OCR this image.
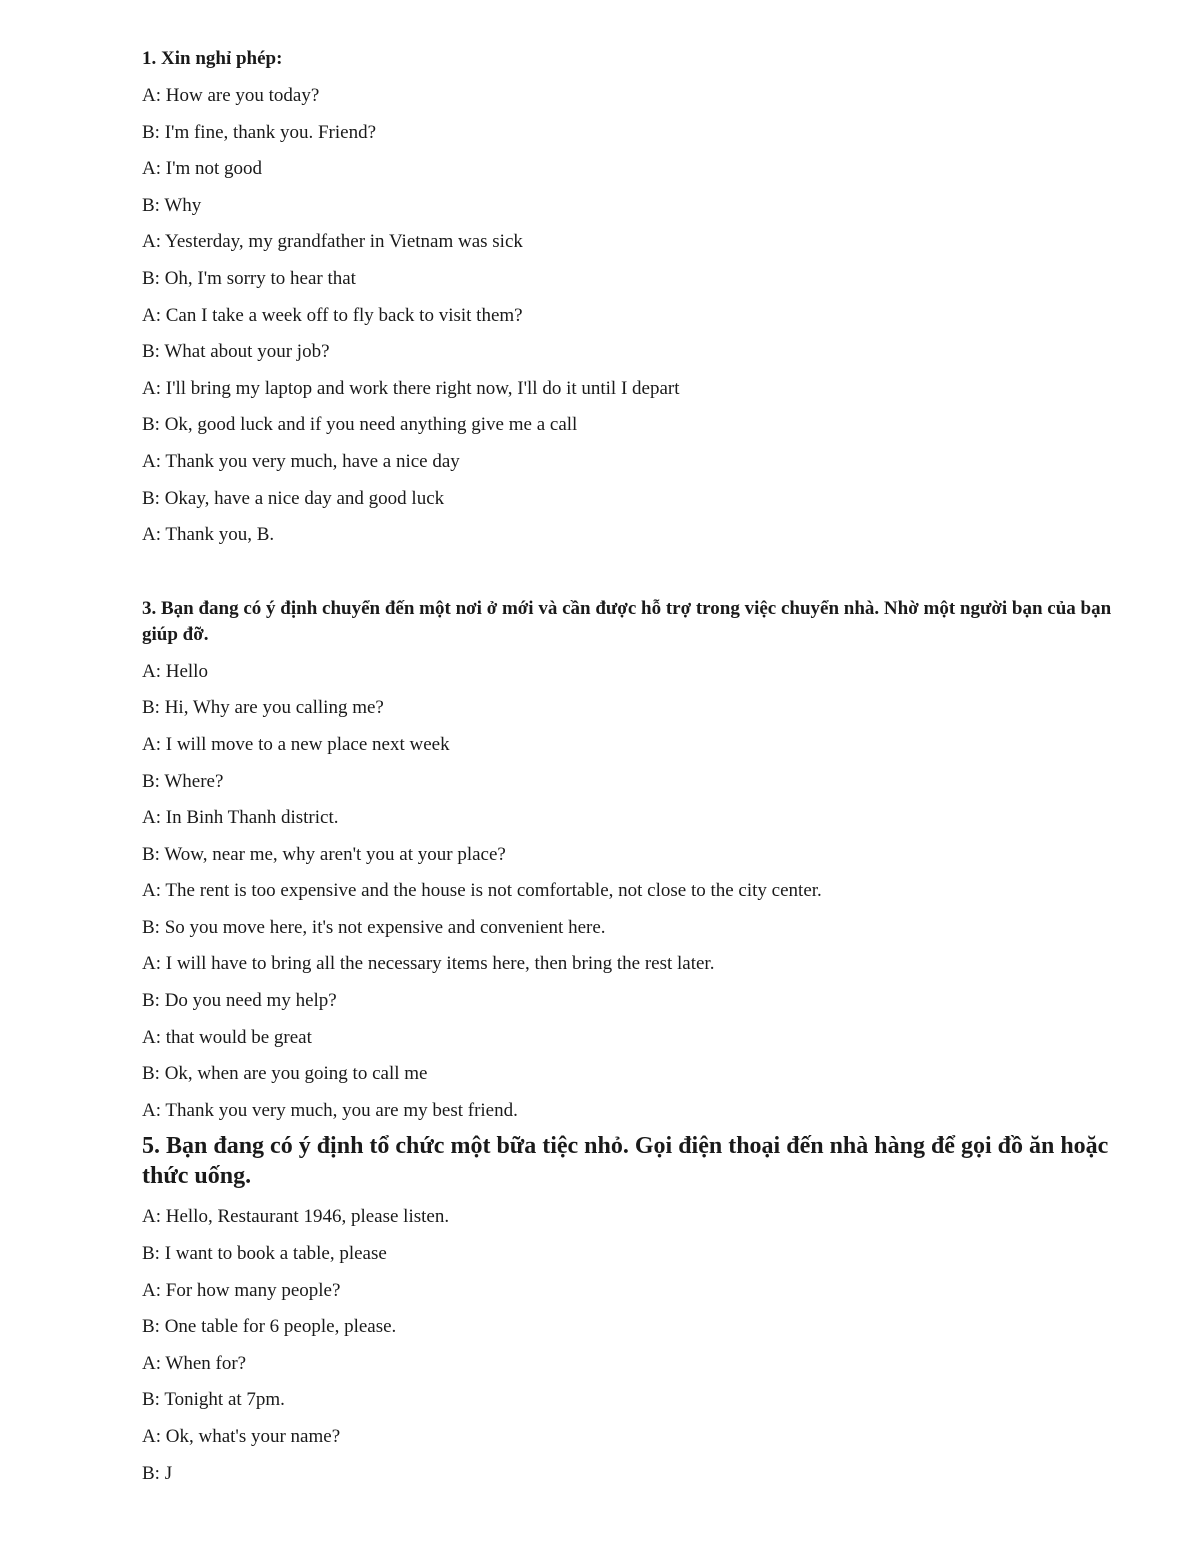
1. Xin nghỉ phép:

A: How are you today?

B: I'm fine, thank you. Friend?

A: I'm not good

B: Why

A: Yesterday, my grandfather in Vietnam was sick

B: Oh, I'm sorry to hear that

A: Can I take a week off to fly back to visit them?

B: What about your job?

A: I'll bring my laptop and work there right now, I'll do it until I depart

B: Ok, good luck and if you need anything give me a call

A: Thank you very much, have a nice day

B: Okay, have a nice day and good luck

A: Thank you, B.

3. Bạn đang có ý định chuyển đến một nơi ở mới và cần được hỗ trợ trong việc chuyển nhà. Nhờ một người bạn của bạn giúp đỡ.

A: Hello

B: Hi, Why are you calling me?

A: I will move to a new place next week

B: Where?

A: In Binh Thanh district.

B: Wow, near me, why aren't you at your place?

A: The rent is too expensive and the house is not comfortable, not close to the city center.

B: So you move here, it's not expensive and convenient here.

A: I will have to bring all the necessary items here, then bring the rest later.

B: Do you need my help?

A: that would be great

B: Ok, when are you going to call me

A: Thank you very much, you are my best friend.

5. Bạn đang có ý định tổ chức một bữa tiệc nhỏ. Gọi điện thoại đến nhà hàng để gọi đồ ăn hoặc thức uống.

A: Hello, Restaurant 1946, please listen.

B: I want to book a table, please

A: For how many people?

B: One table for 6 people, please.

A: When for?

B: Tonight at 7pm.

A: Ok, what's your name?

B: J
